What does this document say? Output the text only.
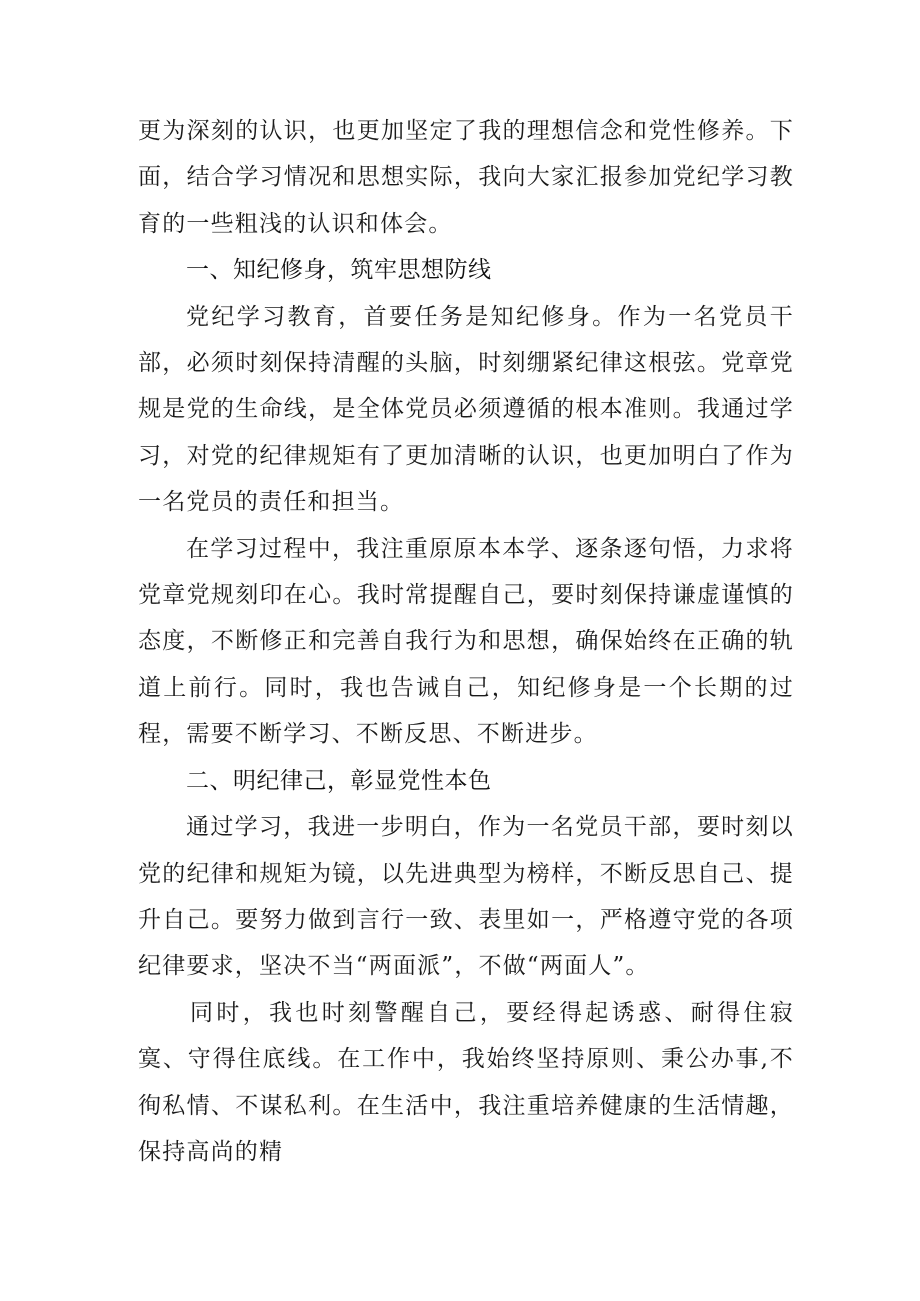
更为深刻的认识，也更加坚定了我的理想信念和党性修养。下面，结合学习情况和思想实际，我向大家汇报参加党纪学习教育的一些粗浅的认识和体会。

一、知纪修身，筑牢思想防线

党纪学习教育，首要任务是知纪修身。作为一名党员干部，必须时刻保持清醒的头脑，时刻绷紧纪律这根弦。党章党规是党的生命线，是全体党员必须遵循的根本准则。我通过学习，对党的纪律规矩有了更加清晰的认识，也更加明白了作为一名党员的责任和担当。

在学习过程中，我注重原原本本学、逐条逐句悟，力求将党章党规刻印在心。我时常提醒自己，要时刻保持谦虚谨慎的态度，不断修正和完善自我行为和思想，确保始终在正确的轨道上前行。同时，我也告诫自己，知纪修身是一个长期的过程，需要不断学习、不断反思、不断进步。

二、明纪律己，彰显党性本色

通过学习，我进一步明白，作为一名党员干部，要时刻以党的纪律和规矩为镜，以先进典型为榜样，不断反思自己、提升自己。要努力做到言行一致、表里如一，严格遵守党的各项纪律要求，坚决不当“两面派”，不做“两面人”。

同时，我也时刻警醒自己，要经得起诱惑、耐得住寂寞、守得住底线。在工作中，我始终坚持原则、秉公办事,不徇私情、不谋私利。在生活中，我注重培养健康的生活情趣，保持高尚的精
